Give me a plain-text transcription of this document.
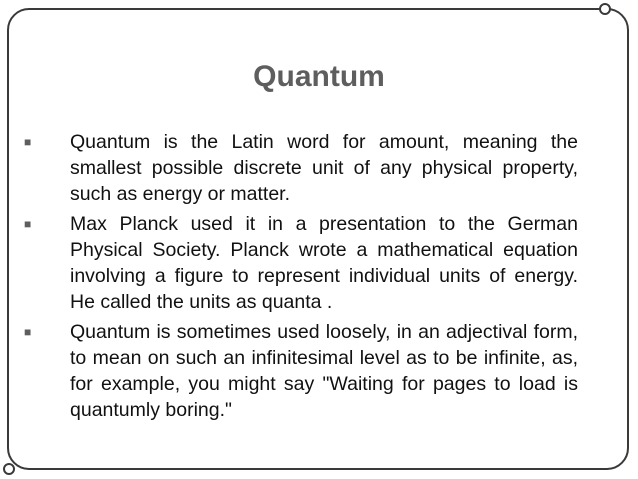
Quantum
■ Quantum is the Latin word for amount, meaning the smallest possible discrete unit of any physical property, such as energy or matter.
■ Max Planck used it in a presentation to the German Physical Society. Planck wrote a mathematical equation involving a figure to represent individual units of energy. He called the units as quanta .
■ Quantum is sometimes used loosely, in an adjectival form, to mean on such an infinitesimal level as to be infinite, as, for example, you might say "Waiting for pages to load is quantumly boring."
